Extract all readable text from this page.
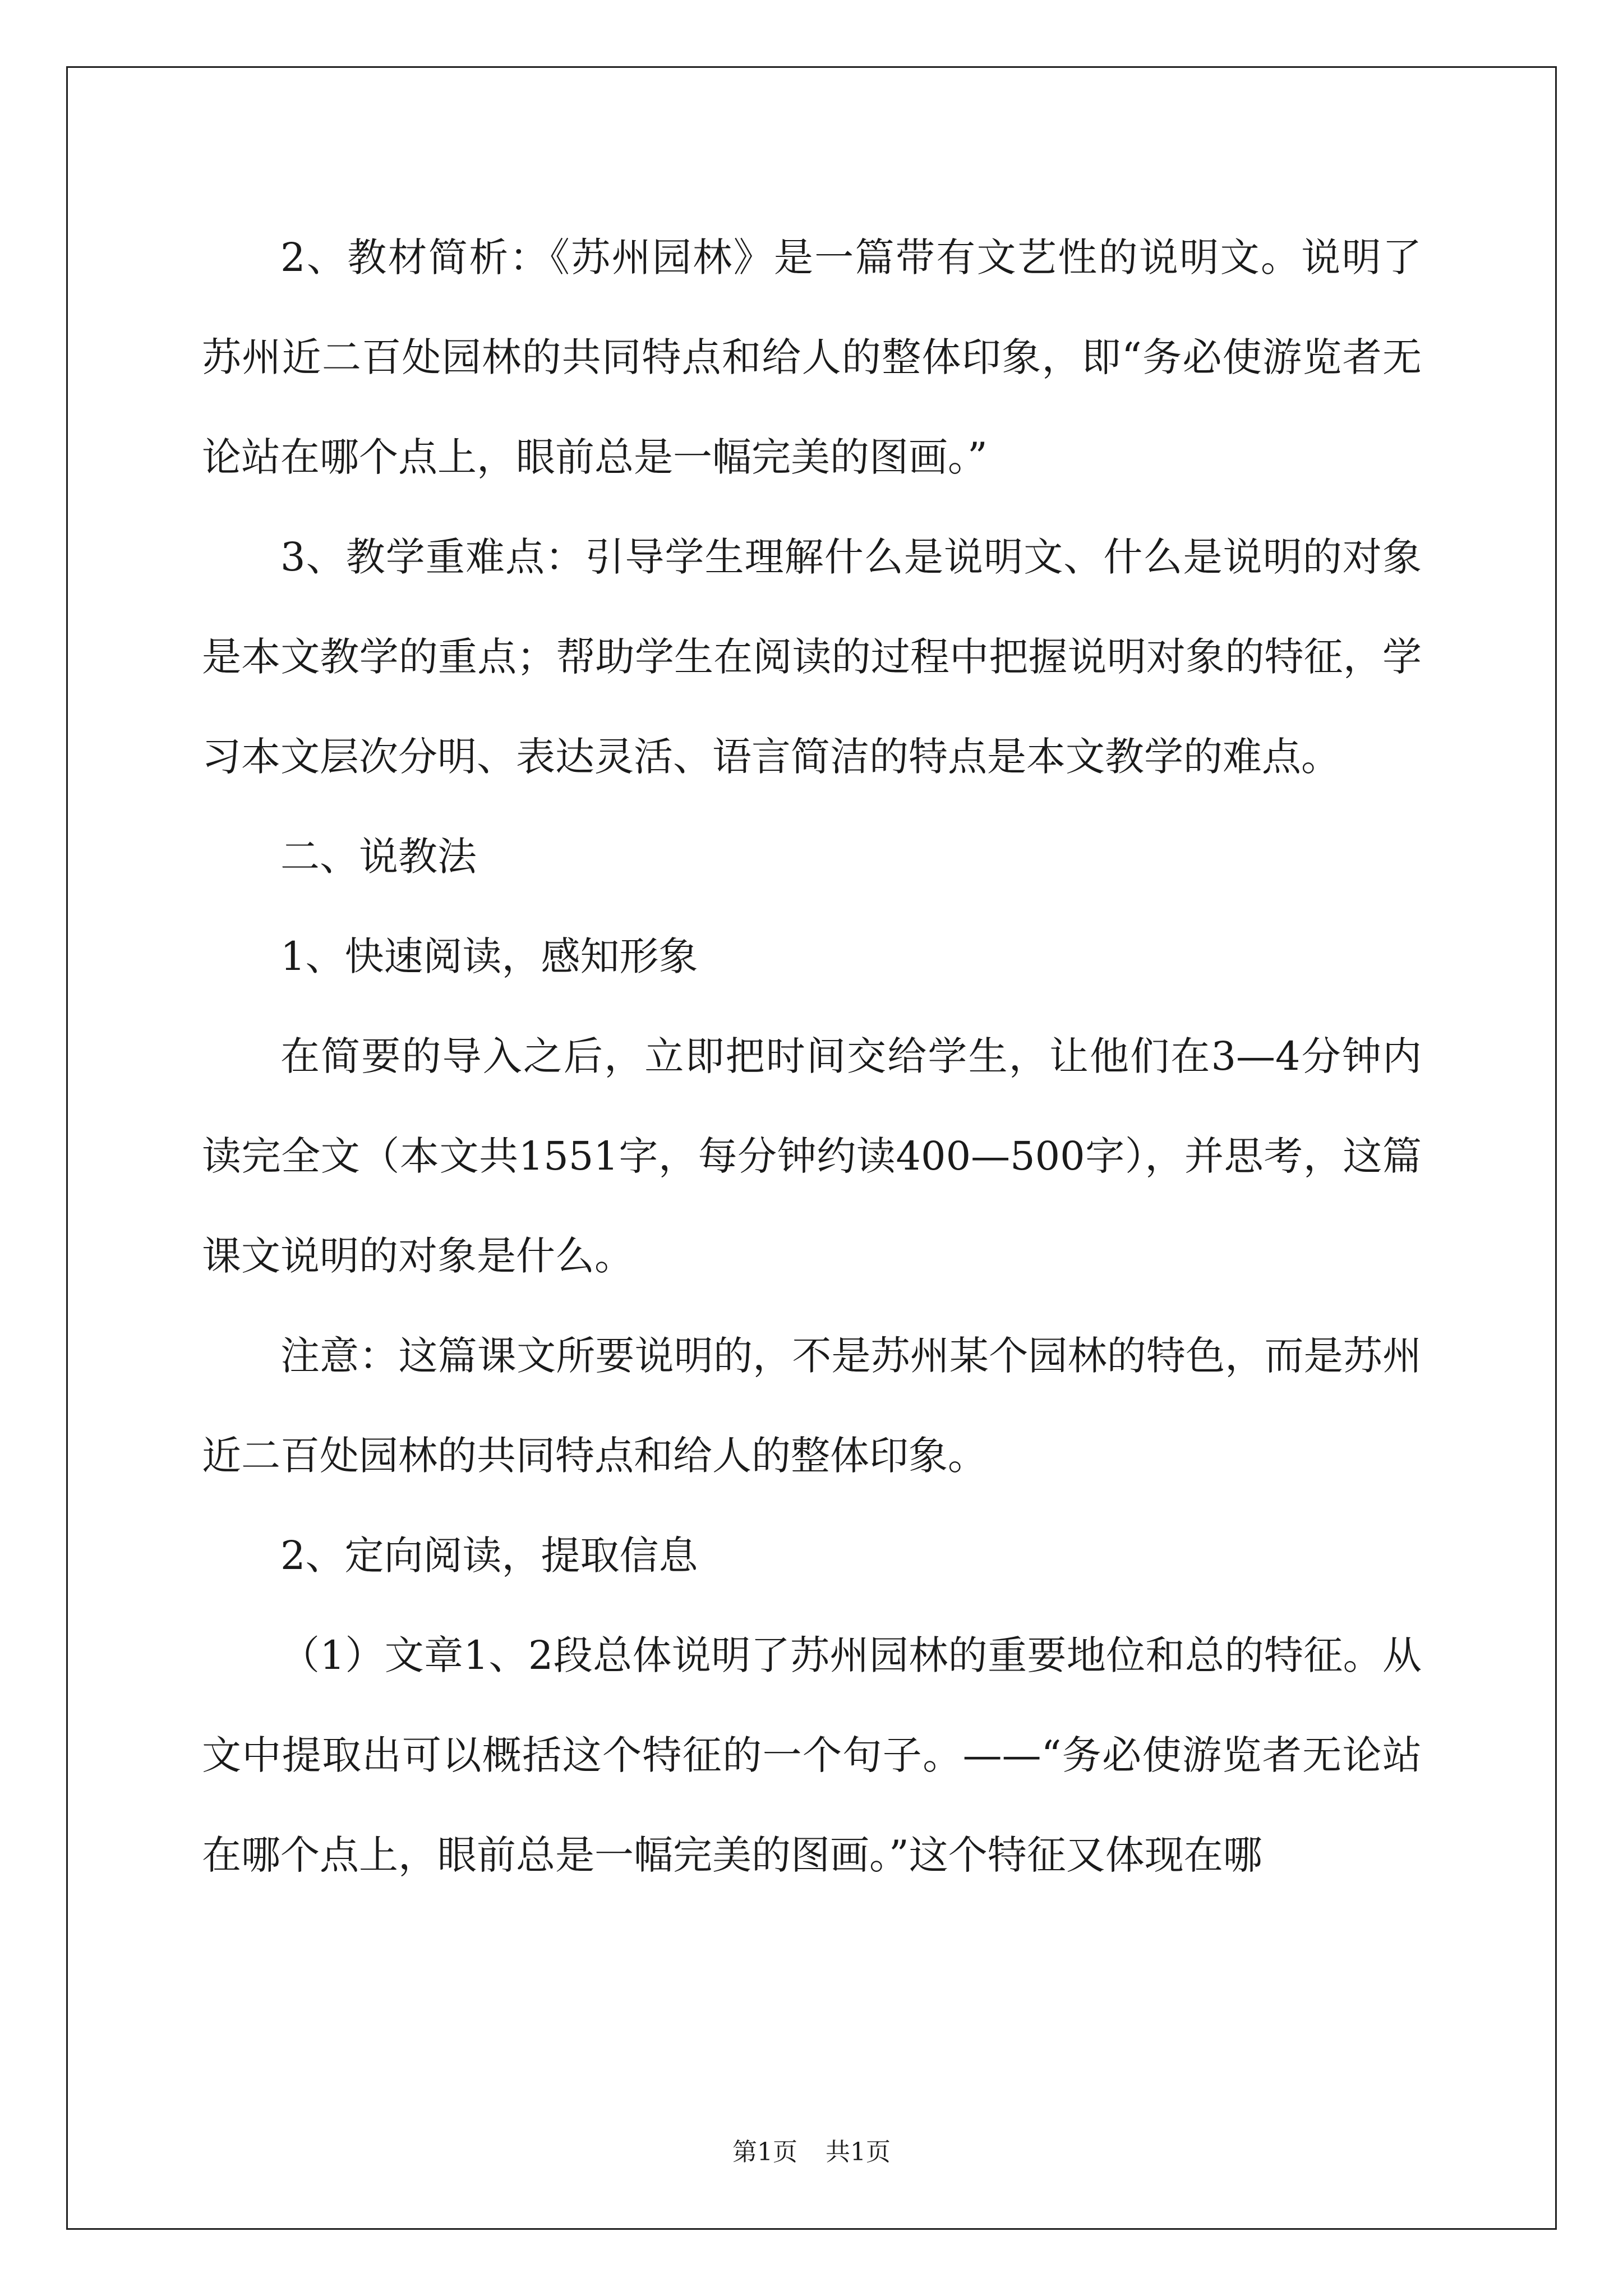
2、教材简析：《苏州园林》是一篇带有文艺性的说明文。说明了苏州近二百处园林的共同特点和给人的整体印象，即“务必使游览者无论站在哪个点上，眼前总是一幅完美的图画。”

3、教学重难点：引导学生理解什么是说明文、什么是说明的对象是本文教学的重点；帮助学生在阅读的过程中把握说明对象的特征，学习本文层次分明、表达灵活、语言简洁的特点是本文教学的难点。

二、说教法

1、快速阅读，感知形象

在简要的导入之后，立即把时间交给学生，让他们在3—4分钟内读完全文（本文共1551字，每分钟约读400—500字），并思考，这篇课文说明的对象是什么。

注意：这篇课文所要说明的，不是苏州某个园林的特色，而是苏州近二百处园林的共同特点和给人的整体印象。

2、定向阅读，提取信息

（1）文章1、2段总体说明了苏州园林的重要地位和总的特征。从文中提取出可以概括这个特征的一个句子。——“务必使游览者无论站在哪个点上，眼前总是一幅完美的图画。”这个特征又体现在哪

第1页 共1页
